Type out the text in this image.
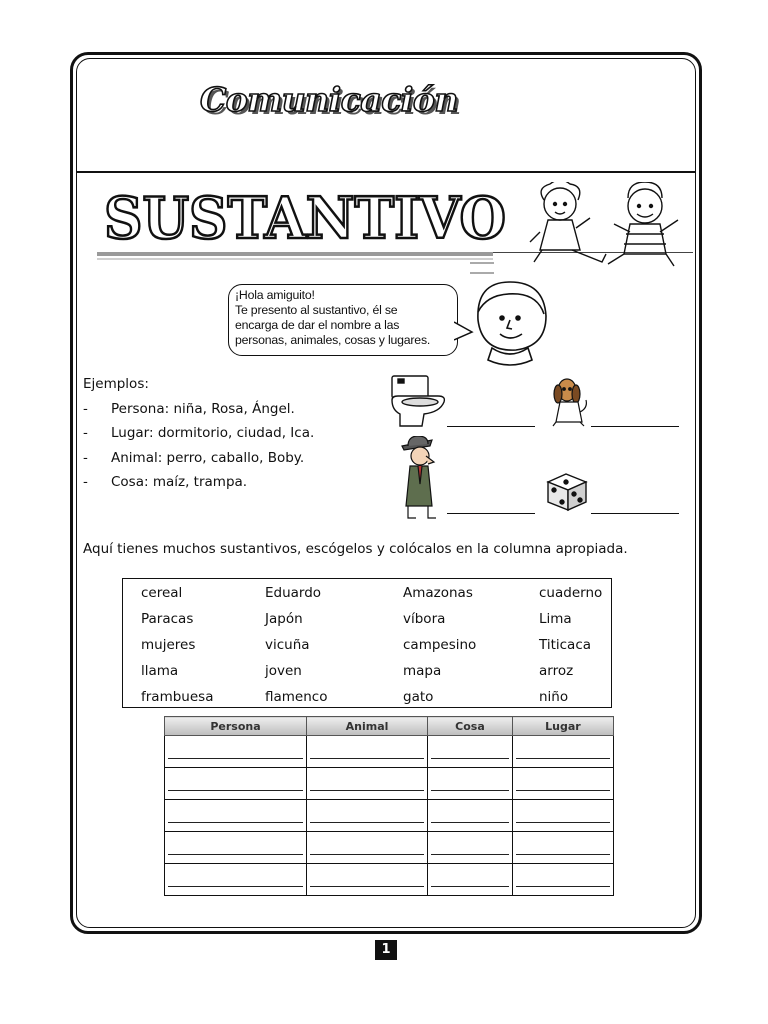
Comunicación
SUSTANTIVO

¡Hola amiguito!

Te presento al sustantivo, él se

encarga de dar el nombre a las

personas, animales, cosas y lugares.

Ejemplos:
-	Persona: niña, Rosa, Ángel.
-	Lugar: dormitorio, ciudad, Ica.
-	Animal: perro, caballo, Boby.
-	Cosa: maíz, trampa.
Aquí tienes muchos sustantivos, escógelos y colócalos en la columna apropiada.
cereal	Eduardo	Amazonas	cuaderno
Paracas	Japón	víbora	Lima
mujeres	vicuña	campesino	Titicaca
llama	joven	mapa	arroz
frambuesa	flamenco	gato	niño
Persona	Animal	Cosa	Lugar

1
